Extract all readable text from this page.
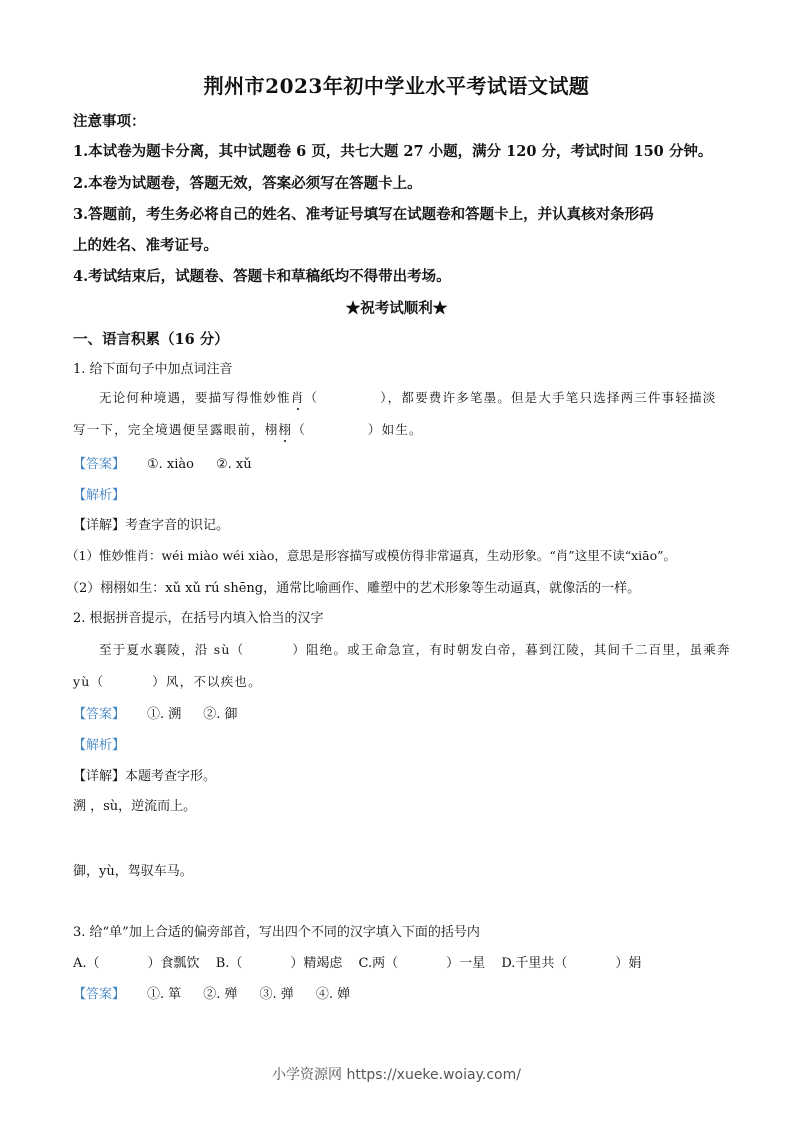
荆州市2023年初中学业水平考试语文试题
注意事项：
1.本试卷为题卡分离，其中试题卷 6 页，共七大题 27 小题，满分 120 分，考试时间 150 分钟。
2.本卷为试题卷，答题无效，答案必须写在答题卡上。
3.答题前，考生务必将自己的姓名、准考证号填写在试题卷和答题卡上，并认真核对条形码
上的姓名、准考证号。
4.考试结束后，试题卷、答题卡和草稿纸均不得带出考场。
★祝考试顺利★
一、语言积累（16 分）
1. 给下面句子中加点词注音
无论何种境遇，要描写得惟妙惟肖（	），都要费许多笔墨。但是大手笔只选择两三件事轻描淡
写一下，完全境遇便呈露眼前，栩栩（	）如生。
【答案】 ①. xiào ②. xǔ
【解析】
【详解】考查字音的识记。
（1）惟妙惟肖：wéi miào wéi xiào，意思是形容描写或模仿得非常逼真，生动形象。“肖”这里不读“xiāo”。
（2）栩栩如生：xǔ xǔ rú shēng，通常比喻画作、雕塑中的艺术形象等生动逼真，就像活的一样。
2. 根据拼音提示，在括号内填入恰当的汉字
至于夏水襄陵，沿 sù（	）阻绝。或王命急宣，有时朝发白帝，暮到江陵，其间千二百里，虽乘奔
yù（	）风，不以疾也。
【答案】 ①. 溯 ②. 御
【解析】
【详解】本题考查字形。
溯 ，sù，逆流而上。
御，yù，驾驭车马。
3. 给“单”加上合适的偏旁部首，写出四个不同的汉字填入下面的括号内
A.（	）食瓢饮 B.（	）精竭虑 C.两（	）一星 D.千里共（	）娟
【答案】 ①. 箪 ②. 殚 ③. 弹 ④. 婵
小学资源网 https://xueke.woiay.com/
